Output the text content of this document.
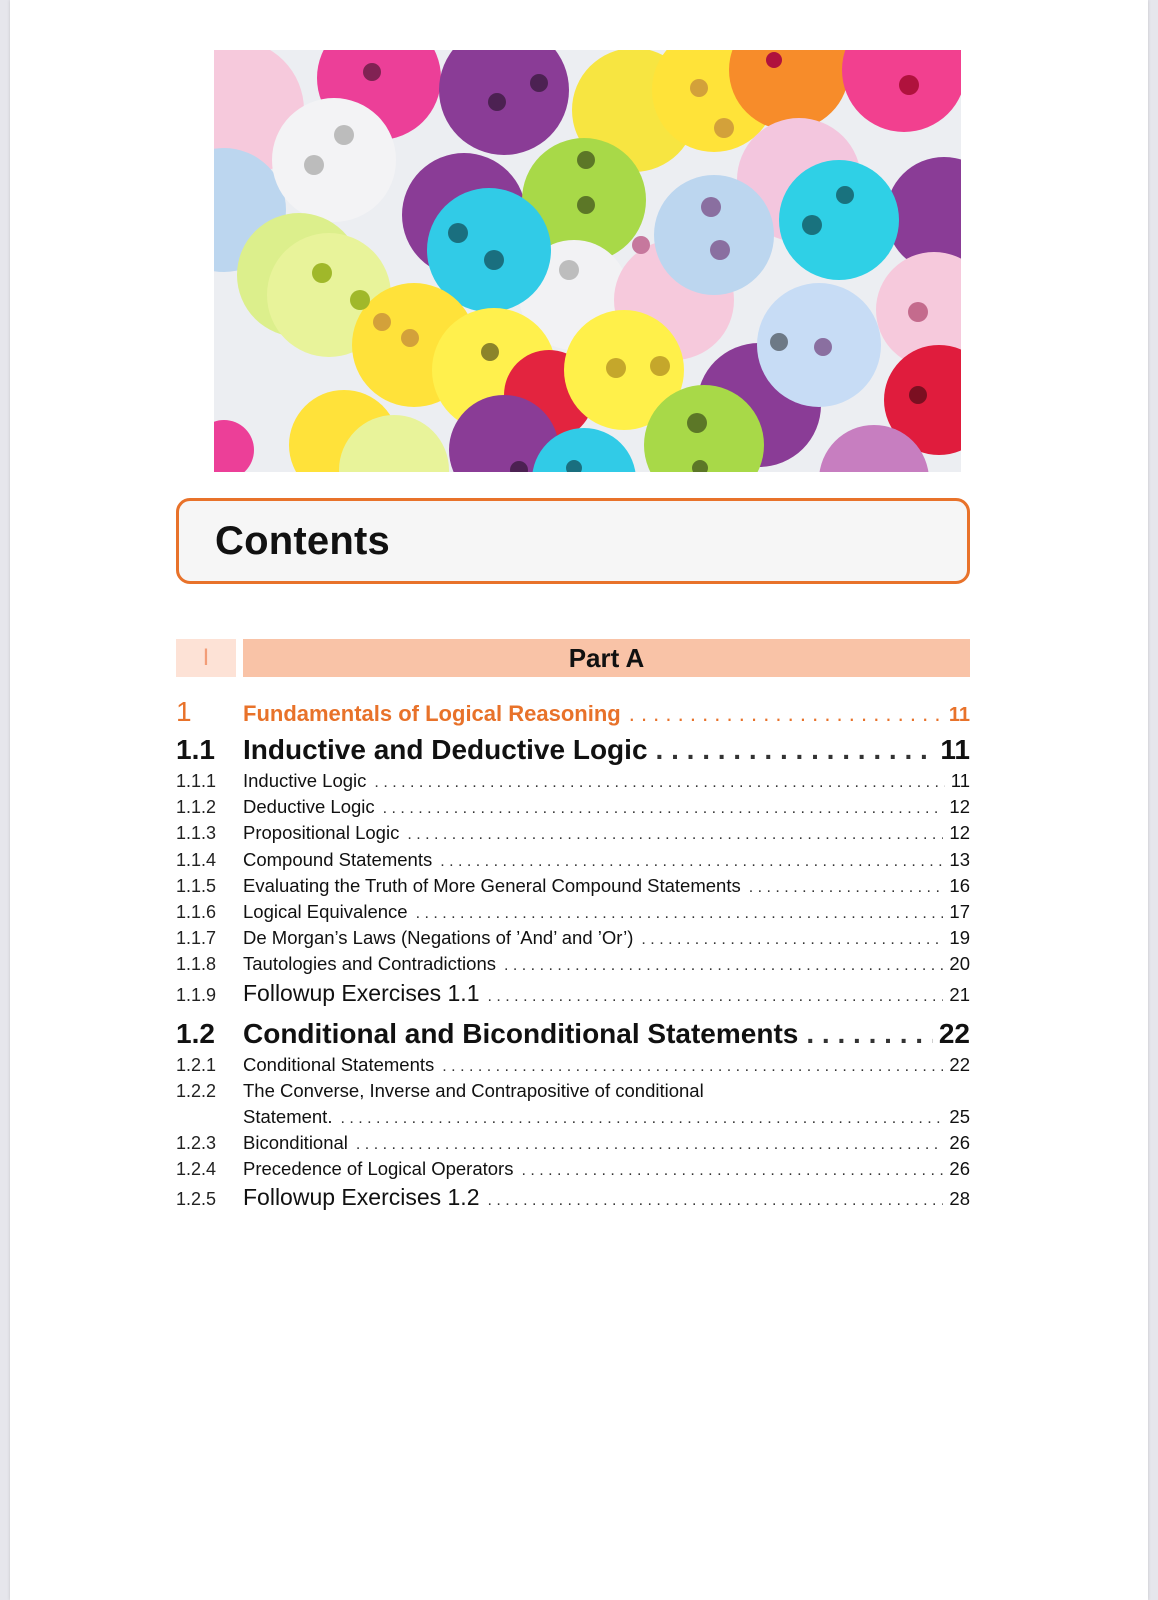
Contents
I	Part A
1	Fundamentals of Logical Reasoning . . .	11
1.1	Inductive and Deductive Logic . . .	11
1.1.1	Inductive Logic . . .	11
1.1.2	Deductive Logic . . .	12
1.1.3	Propositional Logic . . .	12
1.1.4	Compound Statements . . .	13
1.1.5	Evaluating the Truth of More General Compound Statements . . .	16
1.1.6	Logical Equivalence . . .	17
1.1.7	De Morgan’s Laws (Negations of ’And’ and ’Or’) . . .	19
1.1.8	Tautologies and Contradictions . . .	20
1.1.9	Followup Exercises 1.1 . . .	21
1.2	Conditional and Biconditional Statements . . .	22
1.2.1	Conditional Statements . . .	22
1.2.2	The Converse, Inverse and Contrapositive of conditional
Statement. . . .	25
1.2.3	Biconditional . . .	26
1.2.4	Precedence of Logical Operators . . .	26
1.2.5	Followup Exercises 1.2 . . .	28
